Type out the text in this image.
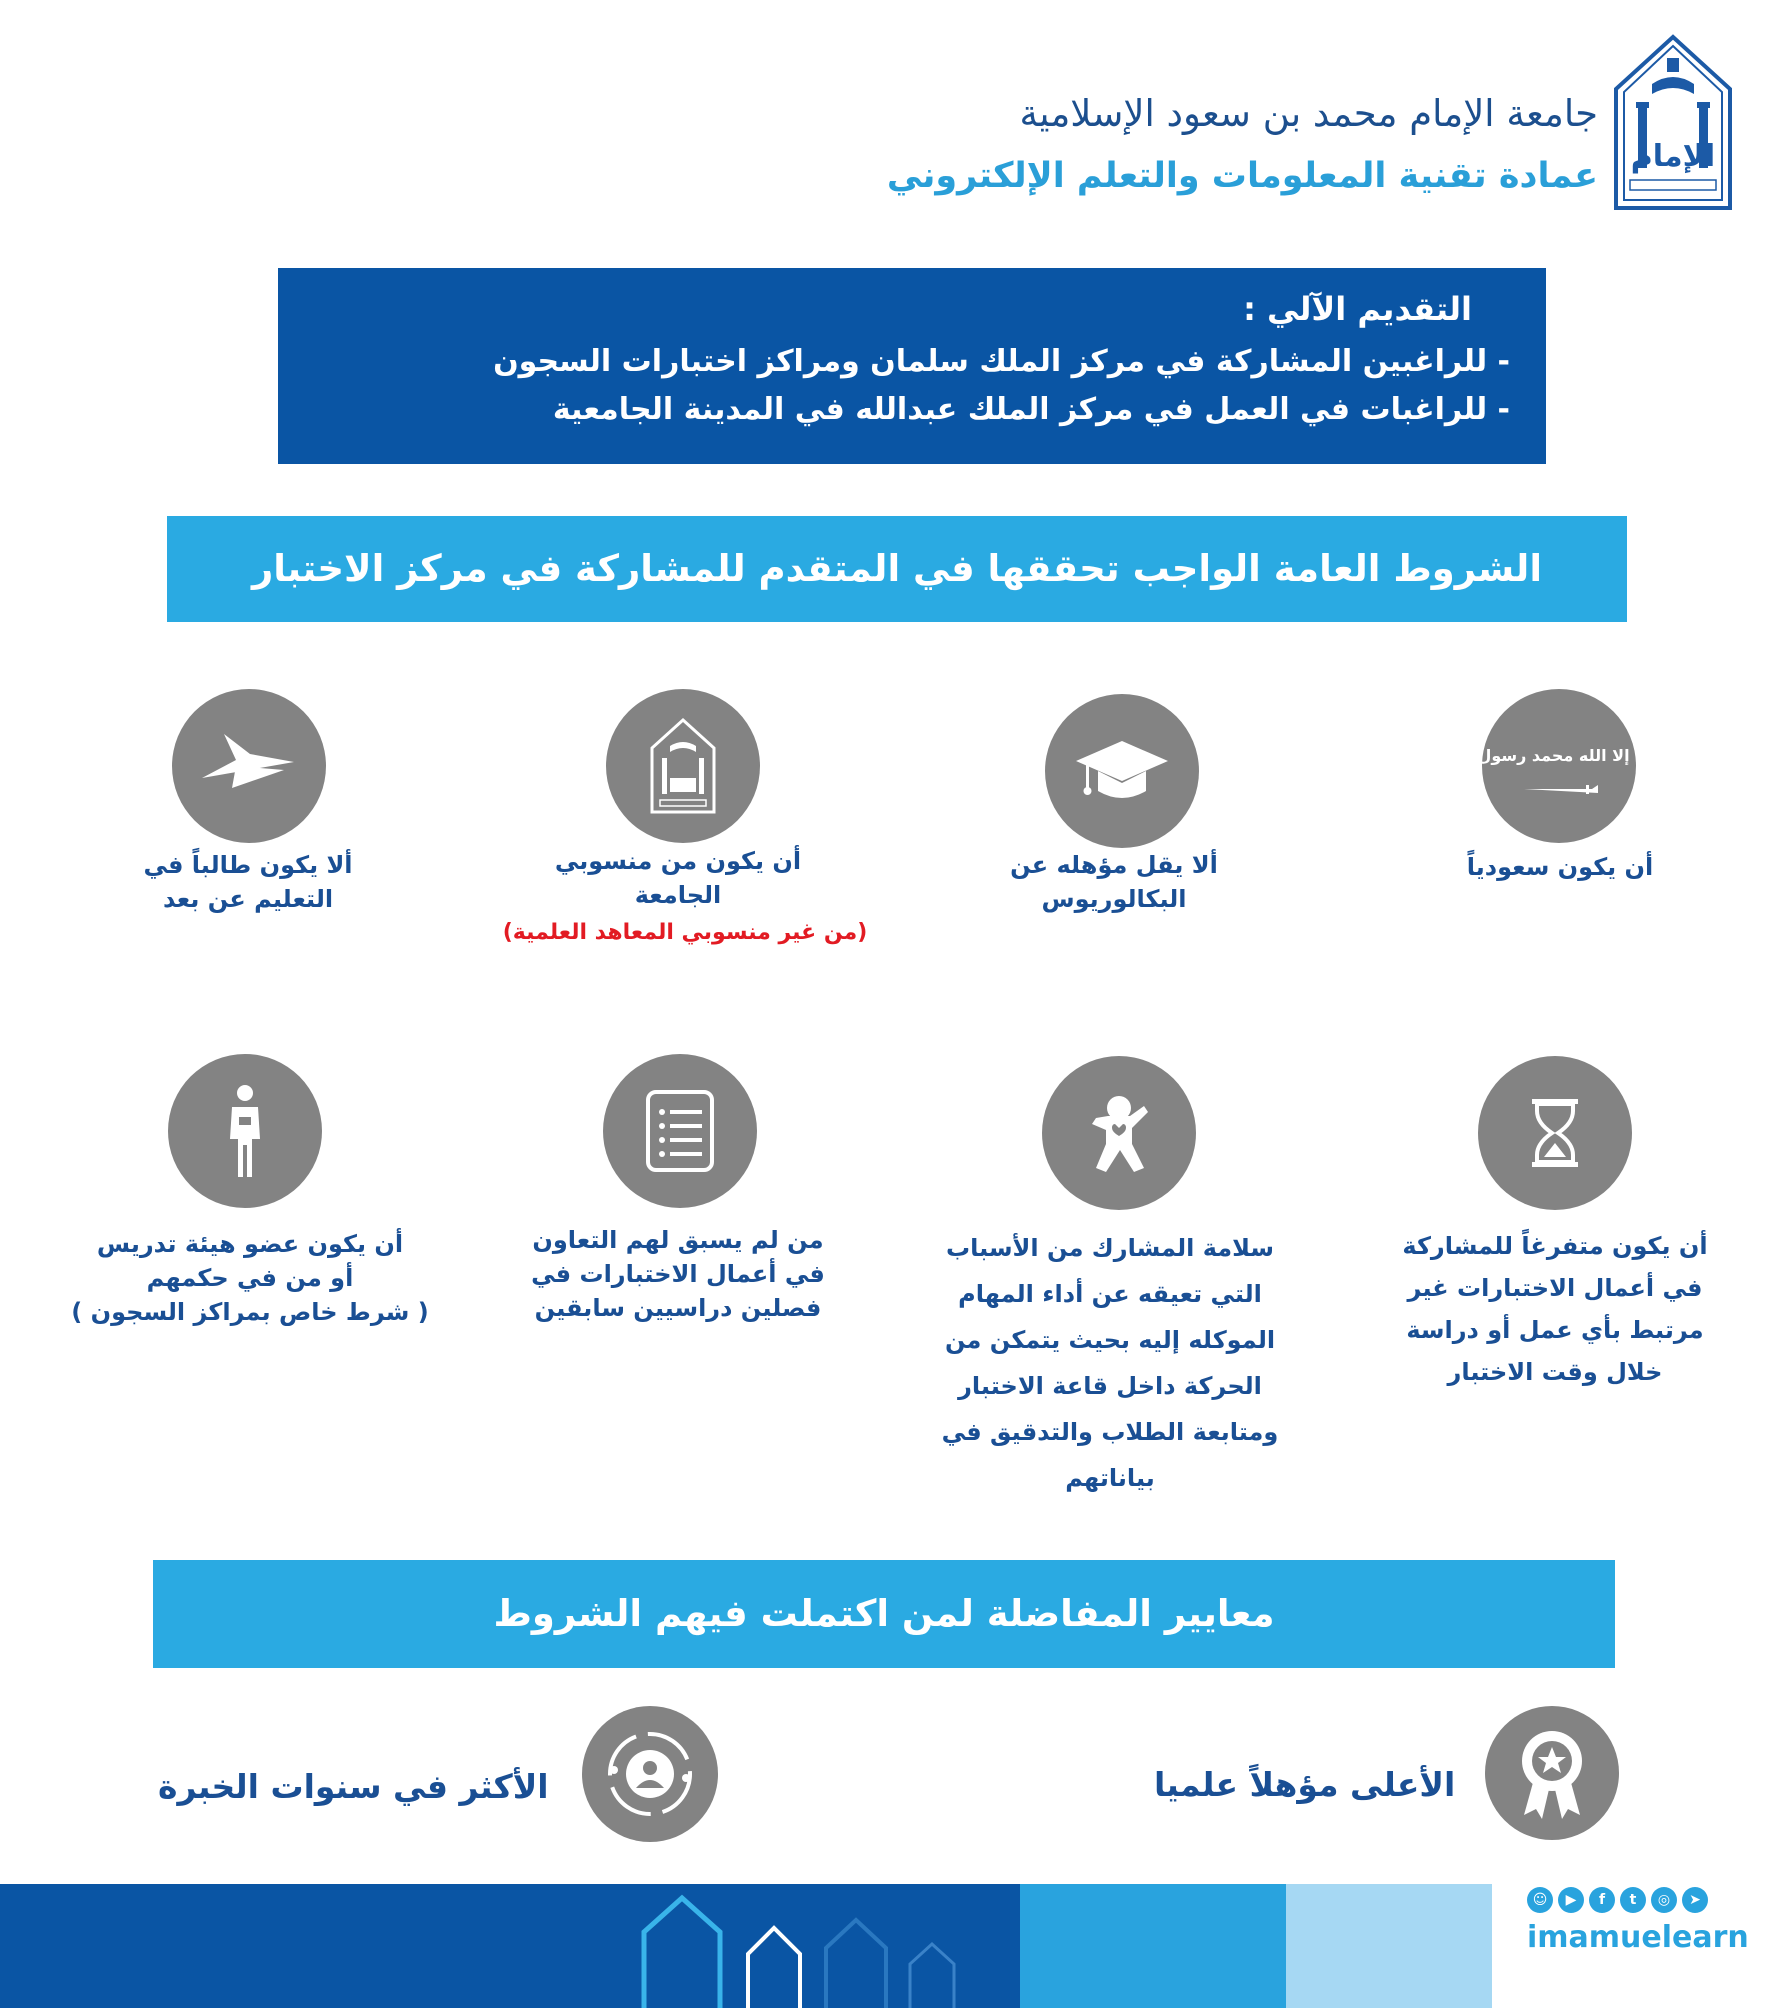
الإمام
جامعة الإمام محمد بن سعود الإسلامية
عمادة تقنية المعلومات والتعلم الإلكتروني
التقديم الآلي :
- للراغبين المشاركة في مركز الملك سلمان ومراكز اختبارات السجون
- للراغبات في العمل في مركز الملك عبدالله في المدينة الجامعية
الشروط العامة الواجب تحققها في المتقدم للمشاركة في مركز الاختبار
لا إله إلا الله محمد رسول الله
أن يكون سعودياً
ألا يقل مؤهله عن البكالوريوس
أن يكون من منسوبي الجامعة
(من غير منسوبي المعاهد العلمية)
ألا يكون طالباً في التعليم عن بعد
أن يكون متفرغاً للمشاركة
في أعمال الاختبارات غير
مرتبط بأي عمل أو دراسة
خلال وقت الاختبار
سلامة المشارك من الأسباب
التي تعيقه عن أداء المهام
الموكله إليه بحيث يتمكن من
الحركة داخل قاعة الاختبار
ومتابعة الطلاب والتدقيق في
بياناتهم
من لم يسبق لهم التعاون
في أعمال الاختبارات في
فصلين دراسيين سابقين
أن يكون عضو هيئة تدريس
أو من في حكمهم
( شرط خاص بمراكز السجون )
معايير المفاضلة لمن اكتملت فيهم الشروط
الأعلى مؤهلاً علميا
الأكثر في سنوات الخبرة
➤
◎
t
f
▶
☺
imamuelearn
